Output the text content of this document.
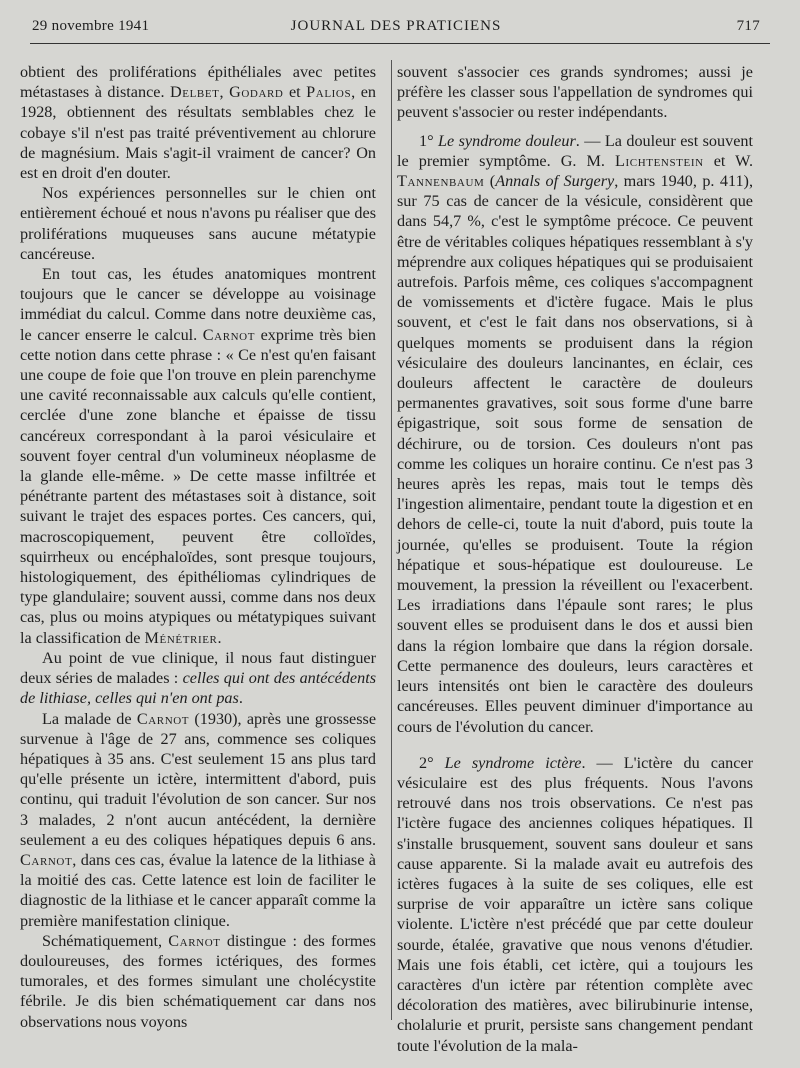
29 novembre 1941	JOURNAL DES PRATICIENS	717

obtient des proliférations épithéliales avec petites métastases à distance. Delbet, Godard et Palios, en 1928, obtiennent des résultats semblables chez le cobaye s'il n'est pas traité préventivement au chlorure de magnésium. Mais s'agit-il vraiment de cancer? On est en droit d'en douter.

Nos expériences personnelles sur le chien ont entièrement échoué et nous n'avons pu réaliser que des proliférations muqueuses sans aucune métatypie cancéreuse.

En tout cas, les études anatomiques montrent toujours que le cancer se développe au voisinage immédiat du calcul. Comme dans notre deuxième cas, le cancer enserre le calcul. Carnot exprime très bien cette notion dans cette phrase : « Ce n'est qu'en faisant une coupe de foie que l'on trouve en plein parenchyme une cavité reconnaissable aux calculs qu'elle contient, cerclée d'une zone blanche et épaisse de tissu cancéreux correspondant à la paroi vésiculaire et souvent foyer central d'un volumineux néoplasme de la glande elle-même. » De cette masse infiltrée et pénétrante partent des métastases soit à distance, soit suivant le trajet des espaces portes. Ces cancers, qui, macroscopiquement, peuvent être colloïdes, squirrheux ou encéphaloïdes, sont presque toujours, histologiquement, des épithéliomas cylindriques de type glandulaire; souvent aussi, comme dans nos deux cas, plus ou moins atypiques ou métatypiques suivant la classification de Ménétrier.

Au point de vue clinique, il nous faut distinguer deux séries de malades : celles qui ont des antécédents de lithiase, celles qui n'en ont pas.

La malade de Carnot (1930), après une grossesse survenue à l'âge de 27 ans, commence ses coliques hépatiques à 35 ans. C'est seulement 15 ans plus tard qu'elle présente un ictère, intermittent d'abord, puis continu, qui traduit l'évolution de son cancer. Sur nos 3 malades, 2 n'ont aucun antécédent, la dernière seulement a eu des coliques hépatiques depuis 6 ans. Carnot, dans ces cas, évalue la latence de la lithiase à la moitié des cas. Cette latence est loin de faciliter le diagnostic de la lithiase et le cancer apparaît comme la première manifestation clinique.

Schématiquement, Carnot distingue : des formes douloureuses, des formes ictériques, des formes tumorales, et des formes simulant une cholécystite fébrile. Je dis bien schématiquement car dans nos observations nous voyons

souvent s'associer ces grands syndromes; aussi je préfère les classer sous l'appellation de syndromes qui peuvent s'associer ou rester indépendants.

1° Le syndrome douleur. — La douleur est souvent le premier symptôme. G. M. Lichtenstein et W. Tannenbaum (Annals of Surgery, mars 1940, p. 411), sur 75 cas de cancer de la vésicule, considèrent que dans 54,7 %, c'est le symptôme précoce. Ce peuvent être de véritables coliques hépatiques ressemblant à s'y méprendre aux coliques hépatiques qui se produisaient autrefois. Parfois même, ces coliques s'accompagnent de vomissements et d'ictère fugace. Mais le plus souvent, et c'est le fait dans nos observations, si à quelques moments se produisent dans la région vésiculaire des douleurs lancinantes, en éclair, ces douleurs affectent le caractère de douleurs permanentes gravatives, soit sous forme d'une barre épigastrique, soit sous forme de sensation de déchirure, ou de torsion. Ces douleurs n'ont pas comme les coliques un horaire continu. Ce n'est pas 3 heures après les repas, mais tout le temps dès l'ingestion alimentaire, pendant toute la digestion et en dehors de celle-ci, toute la nuit d'abord, puis toute la journée, qu'elles se produisent. Toute la région hépatique et sous-hépatique est douloureuse. Le mouvement, la pression la réveillent ou l'exacerbent. Les irradiations dans l'épaule sont rares; le plus souvent elles se produisent dans le dos et aussi bien dans la région lombaire que dans la région dorsale. Cette permanence des douleurs, leurs caractères et leurs intensités ont bien le caractère des douleurs cancéreuses. Elles peuvent diminuer d'importance au cours de l'évolution du cancer.

2° Le syndrome ictère. — L'ictère du cancer vésiculaire est des plus fréquents. Nous l'avons retrouvé dans nos trois observations. Ce n'est pas l'ictère fugace des anciennes coliques hépatiques. Il s'installe brusquement, souvent sans douleur et sans cause apparente. Si la malade avait eu autrefois des ictères fugaces à la suite de ses coliques, elle est surprise de voir apparaître un ictère sans colique violente. L'ictère n'est précédé que par cette douleur sourde, étalée, gravative que nous venons d'étudier. Mais une fois établi, cet ictère, qui a toujours les caractères d'un ictère par rétention complète avec décoloration des matières, avec bilirubinurie intense, cholalurie et prurit, persiste sans changement pendant toute l'évolution de la mala-
